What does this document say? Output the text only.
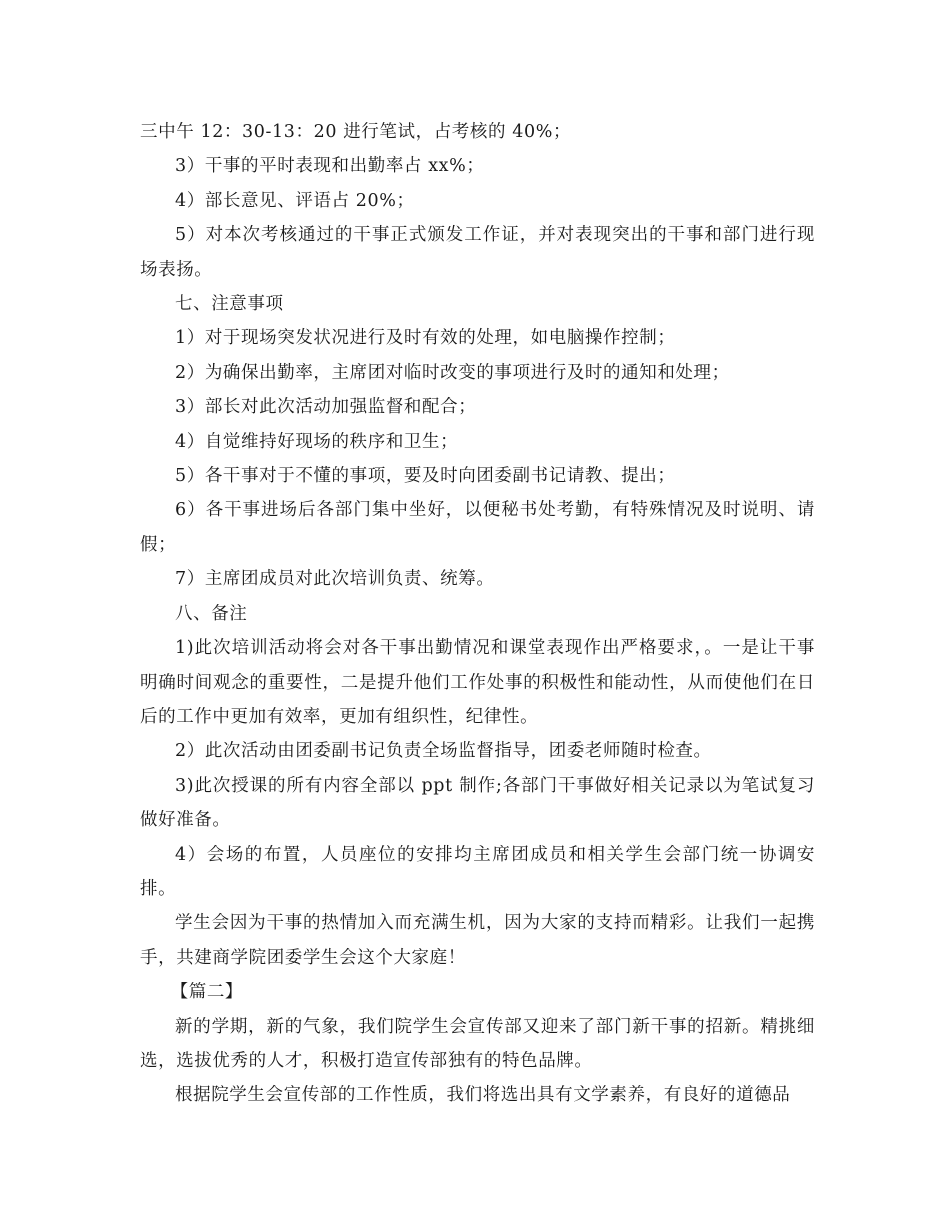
三中午 12：30-13：20 进行笔试，占考核的 40%；

3）干事的平时表现和出勤率占 xx%；

4）部长意见、评语占 20%；

5）对本次考核通过的干事正式颁发工作证，并对表现突出的干事和部门进行现场表扬。

七、注意事项

1）对于现场突发状况进行及时有效的处理，如电脑操作控制；

2）为确保出勤率，主席团对临时改变的事项进行及时的通知和处理；

3）部长对此次活动加强监督和配合；

4）自觉维持好现场的秩序和卫生；

5）各干事对于不懂的事项，要及时向团委副书记请教、提出；

6）各干事进场后各部门集中坐好，以便秘书处考勤，有特殊情况及时说明、请假；

7）主席团成员对此次培训负责、统筹。

八、备注

1)此次培训活动将会对各干事出勤情况和课堂表现作出严格要求，。一是让干事明确时间观念的重要性，二是提升他们工作处事的积极性和能动性，从而使他们在日后的工作中更加有效率，更加有组织性，纪律性。

2）此次活动由团委副书记负责全场监督指导，团委老师随时检查。

3)此次授课的所有内容全部以 ppt 制作;各部门干事做好相关记录以为笔试复习做好准备。

4）会场的布置，人员座位的安排均主席团成员和相关学生会部门统一协调安排。

学生会因为干事的热情加入而充满生机，因为大家的支持而精彩。让我们一起携手，共建商学院团委学生会这个大家庭！

【篇二】

新的学期，新的气象，我们院学生会宣传部又迎来了部门新干事的招新。精挑细选，选拔优秀的人才，积极打造宣传部独有的特色品牌。

根据院学生会宣传部的工作性质，我们将选出具有文学素养，有良好的道德品
